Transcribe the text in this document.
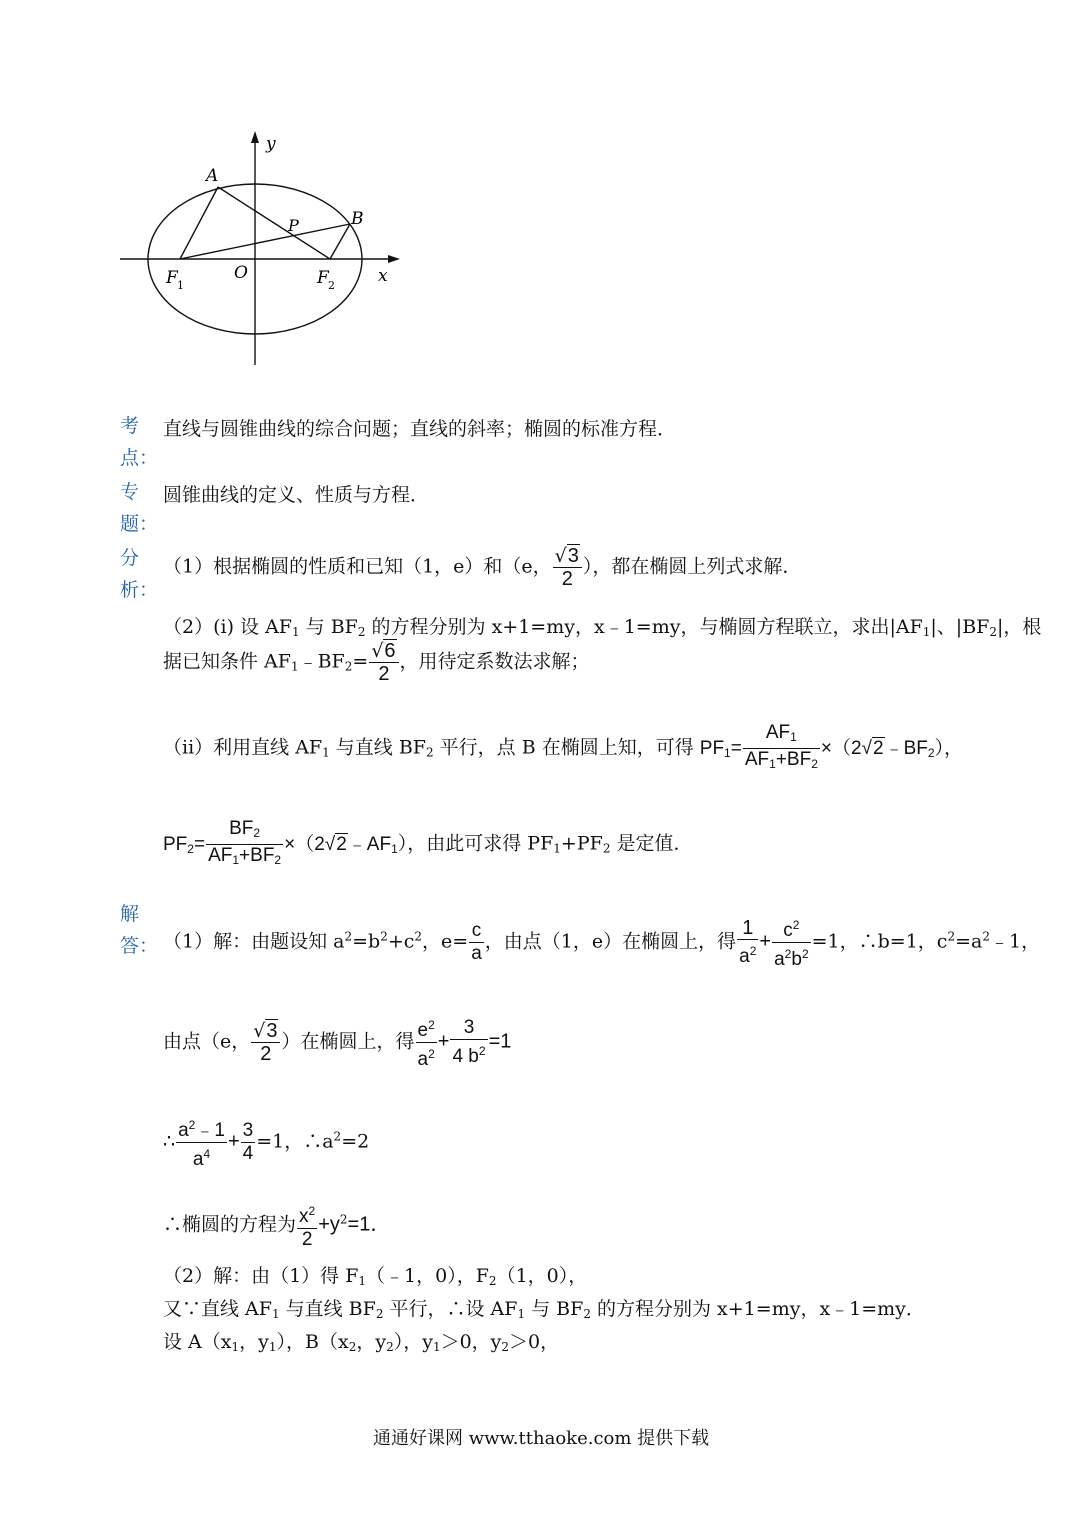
y
x
O
A
B
P
F 1	F 2
考
点：
直线与圆锥曲线的综合问题；直线的斜率；椭圆的标准方程．
专
题：
圆锥曲线的定义、性质与方程．
分
析：
（1）根据椭圆的性质和已知（1，e）和（e， $\frac{√3}{2}$ ），都在椭圆上列式求解．
（2）(i) 设 $AF_1$ 与 $BF_2$ 的方程分别为 x+1=my，x﹣1=my，与椭圆方程联立，求出$|AF_1|$、$|BF_2|$，根
据已知条件 $AF_1﹣BF_2= \frac{√6}{2}$ ，用待定系数法求解；
（ii）利用直线 $AF_1$ 与直线 $BF_2$ 平行，点 B 在椭圆上知，可得 $PF_1= \frac{AF_1}{AF_1+BF_2}$ $\times(2√2﹣BF_2)$，
$PF_2= \frac{BF_2}{AF_1+BF_2}$ $\times(2√2﹣AF_1)$，由此可求得 $PF_1+PF_2$ 是定值．
解
答： （1）解：由题设知 $a^2=b^2+c^2$，$e= \frac{c}{a}$ ，由点（1，e）在椭圆上，得 $\frac{1}{a^2} + \frac{c^2}{a^2b^2} =1$，∴b=1，$c^2=a^2﹣1$，
由点（e， $\frac{√3}{2}$ ）在椭圆上，得 $\frac{e^2}{a^2} + \frac{3}{4 b^2} =1$
∴ $\frac{a^2﹣1}{a^4} + \frac{3}{4} =1$，$\therefore a^2=2$
∴椭圆的方程为 $\frac{x^2}{2} +y^2=1$．
（2）解：由（1）得 $F_1(﹣1$，0），$F_2(1$，0），
又∵直线 $AF_1$ 与直线 $BF_2$ 平行，∴设 $AF_1$ 与 $BF_2$ 的方程分别为 x+1=my，x﹣1=my．
设 $A(x_1$，$y_1$），$B(x_2$，$y_2$），$y_1>0$，$y_2>0$，
通通好课网 www.tthaoke.com 提供下载
